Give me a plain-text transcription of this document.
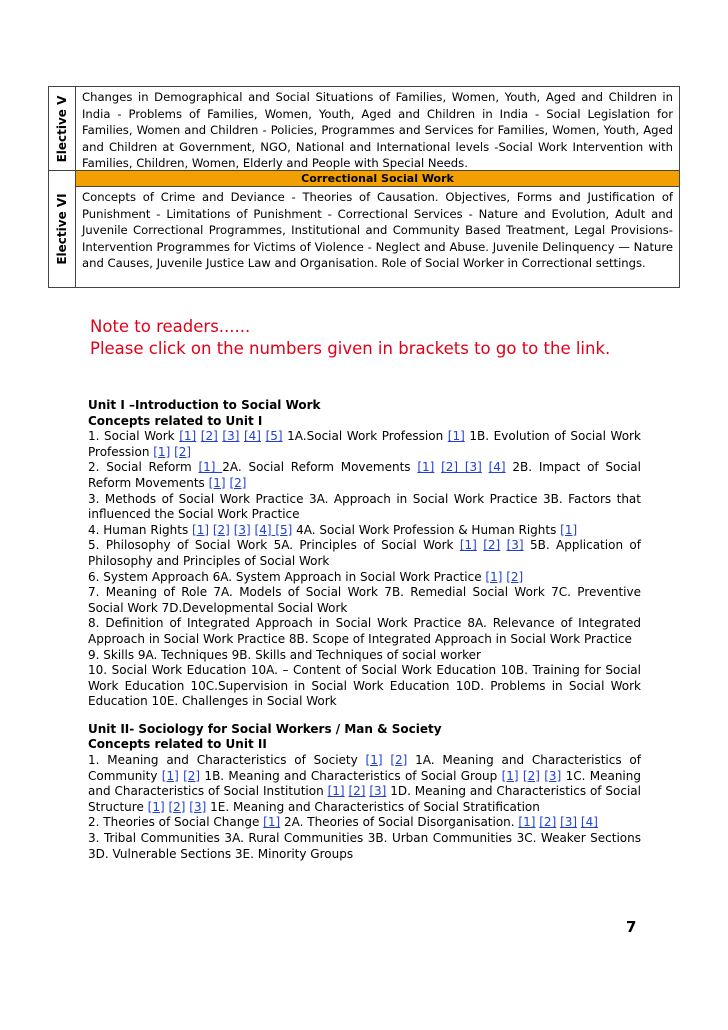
Elective V	Changes in Demographical and Social Situations of Families, Women, Youth, Aged and Children in India - Problems of Families, Women, Youth, Aged and Children in India - Social Legislation for Families, Women and Children - Policies, Programmes and Services for Families, Women, Youth, Aged and Children at Government, NGO, National and International levels -Social Work Intervention with Families, Children, Women, Elderly and People with Special Needs.
Elective VI
Correctional Social Work
Concepts of Crime and Deviance - Theories of Causation. Objectives, Forms and Justification of Punishment - Limitations of Punishment - Correctional Services - Nature and Evolution, Adult and Juvenile Correctional Programmes, Institutional and Community Based Treatment, Legal Provisions-Intervention Programmes for Victims of Violence - Neglect and Abuse. Juvenile Delinquency — Nature and Causes, Juvenile Justice Law and Organisation. Role of Social Worker in Correctional settings.
Note to readers......
Please click on the numbers given in brackets to go to the link.
Unit I –Introduction to Social Work
Concepts related to Unit I
1. Social Work [1] [2] [3] [4] [5] 1A.Social Work Profession [1] 1B. Evolution of Social Work Profession [1] [2]
2. Social Reform [1] 2A. Social Reform Movements [1] [2] [3] [4] 2B. Impact of Social Reform Movements [1] [2]
3. Methods of Social Work Practice 3A. Approach in Social Work Practice 3B. Factors that influenced the Social Work Practice
4. Human Rights [1] [2] [3] [4] [5] 4A. Social Work Profession & Human Rights [1]
5. Philosophy of Social Work 5A. Principles of Social Work [1] [2] [3] 5B. Application of Philosophy and Principles of Social Work
6. System Approach 6A. System Approach in Social Work Practice [1] [2]
7. Meaning of Role 7A. Models of Social Work 7B. Remedial Social Work 7C. Preventive Social Work 7D.Developmental Social Work
8. Definition of Integrated Approach in Social Work Practice 8A. Relevance of Integrated Approach in Social Work Practice 8B. Scope of Integrated Approach in Social Work Practice
9. Skills 9A. Techniques 9B. Skills and Techniques of social worker
10. Social Work Education 10A. – Content of Social Work Education 10B. Training for Social Work Education 10C.Supervision in Social Work Education 10D. Problems in Social Work Education 10E. Challenges in Social Work
Unit II- Sociology for Social Workers / Man & Society
Concepts related to Unit II
1. Meaning and Characteristics of Society [1] [2] 1A. Meaning and Characteristics of Community [1] [2] 1B. Meaning and Characteristics of Social Group [1] [2] [3] 1C. Meaning and Characteristics of Social Institution [1] [2] [3] 1D. Meaning and Characteristics of Social Structure [1] [2] [3] 1E. Meaning and Characteristics of Social Stratification
2. Theories of Social Change [1] 2A. Theories of Social Disorganisation. [1] [2] [3] [4]
3. Tribal Communities 3A. Rural Communities 3B. Urban Communities 3C. Weaker Sections 3D. Vulnerable Sections 3E. Minority Groups
7
